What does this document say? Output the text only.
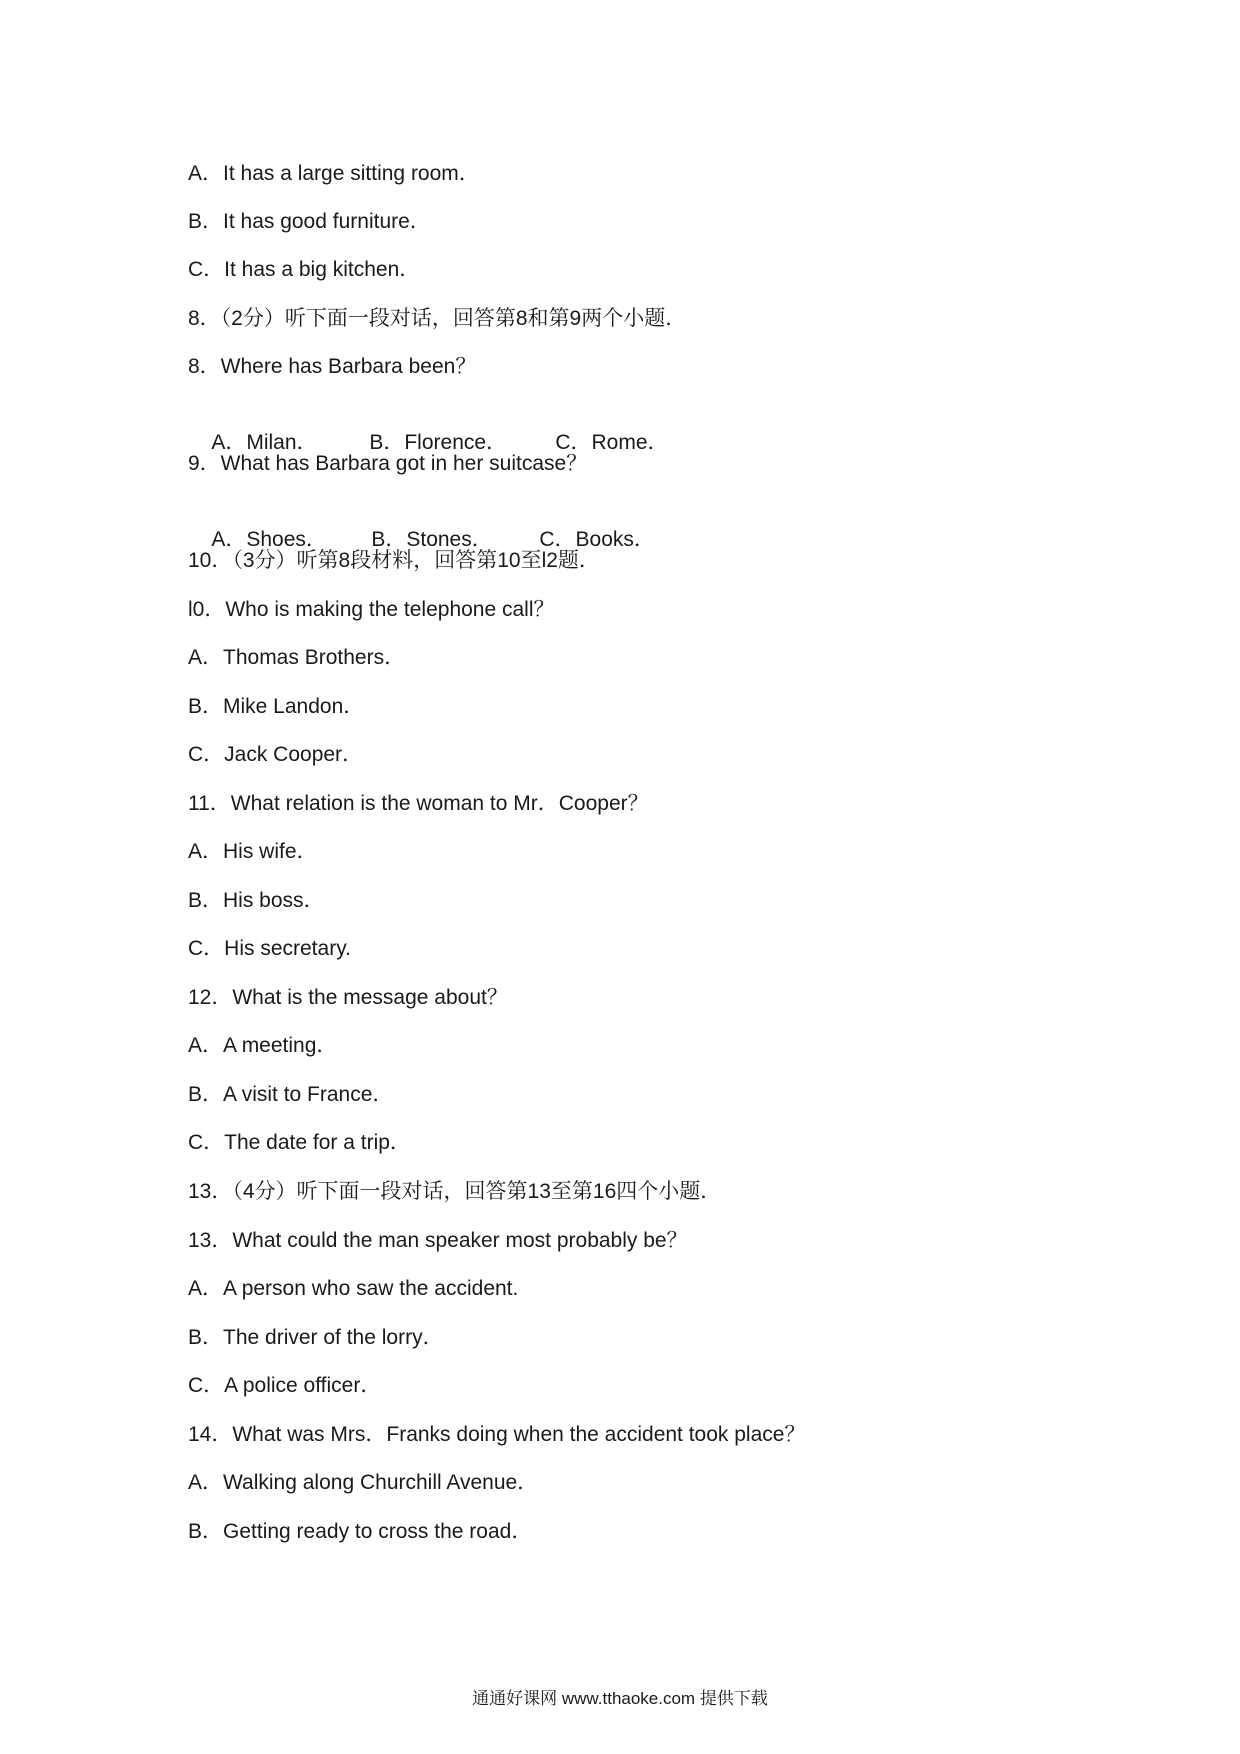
A．It has a large sitting room．
B．It has good furniture．
C．It has a big kitchen．
8．（2分）听下面一段对话，回答第8和第9两个小题．
8．Where has Barbara been？

A．Milan． B．Florence． C．Rome．

9．What has Barbara got in her suitcase？

A．Shoes． B．Stones． C．Books．

10．（3分）听第8段材料，回答第10至l2题．
l0．Who is making the telephone call？
A．Thomas Brothers．
B．Mike Landon．
C．Jack Cooper．
11．What relation is the woman to Mr．Cooper？
A．His wife．
B．His boss．
C．His secretary.
12．What is the message about？
A．A meeting．
B．A visit to France．
C．The date for a trip．
13．（4分）听下面一段对话，回答第13至第16四个小题．
13．What could the man speaker most probably be？
A．A person who saw the accident.
B．The driver of the lorry．
C．A police officer．
14．What was Mrs．Franks doing when the accident took place？
A．Walking along Churchill Avenue．
B．Getting ready to cross the road．
通通好课网 www.tthaoke.com 提供下载
